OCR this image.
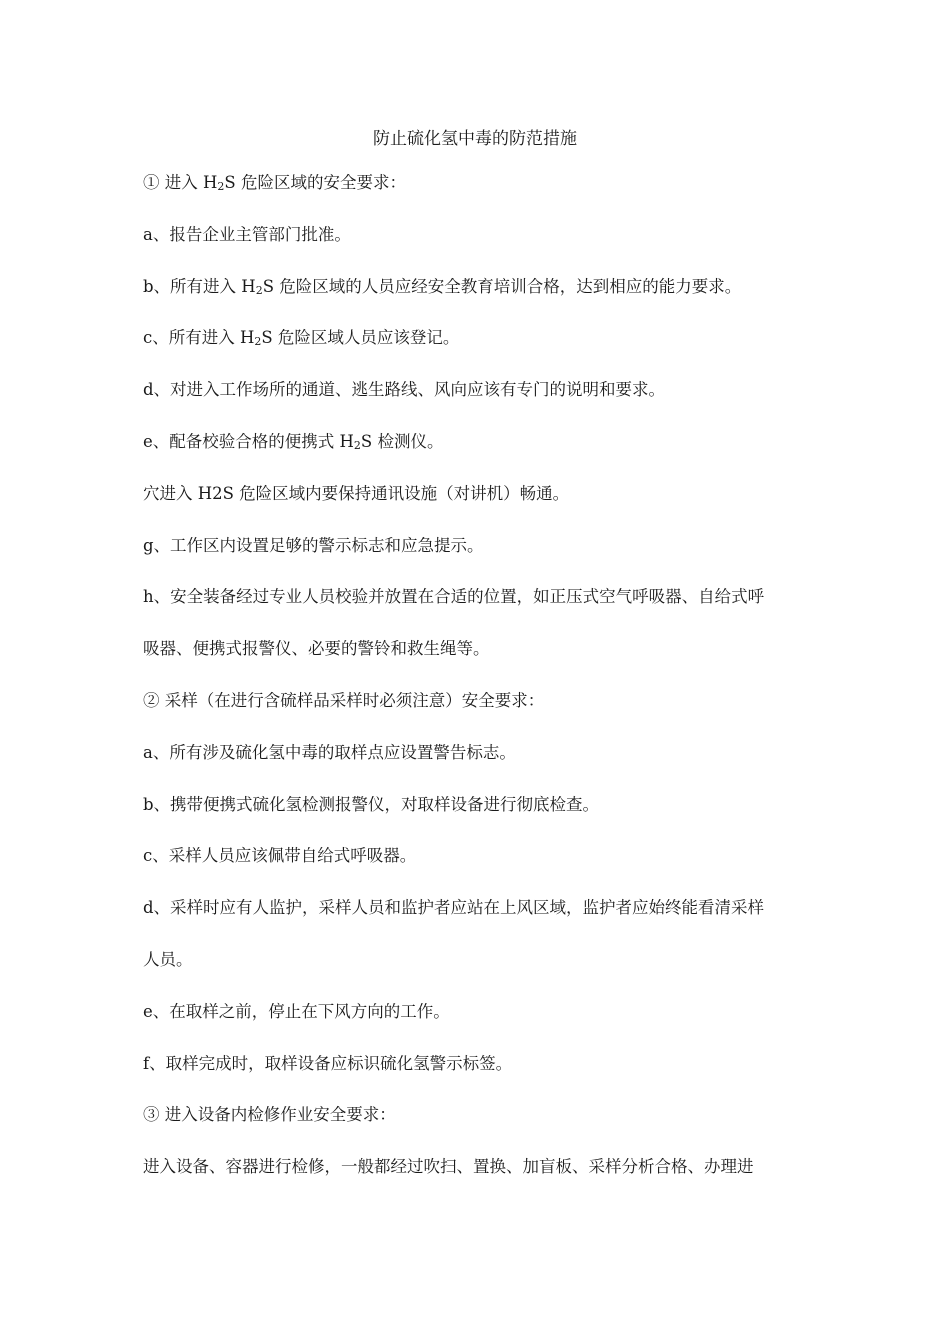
防止硫化氢中毒的防范措施
① 进入 H2S 危险区域的安全要求：
a、报告企业主管部门批准。
b、所有进入 H2S 危险区域的人员应经安全教育培训合格，达到相应的能力要求。
c、所有进入 H2S 危险区域人员应该登记。
d、对进入工作场所的通道、逃生路线、风向应该有专门的说明和要求。
e、配备校验合格的便携式 H2S 检测仪。
穴进入 H2S 危险区域内要保持通讯设施（对讲机）畅通。
g、工作区内设置足够的警示标志和应急提示。
h、安全装备经过专业人员校验并放置在合适的位置，如正压式空气呼吸器、自给式呼
吸器、便携式报警仪、必要的警铃和救生绳等。
② 采样（在进行含硫样品采样时必须注意）安全要求：
a、所有涉及硫化氢中毒的取样点应设置警告标志。
b、携带便携式硫化氢检测报警仪，对取样设备进行彻底检查。
c、采样人员应该佩带自给式呼吸器。
d、采样时应有人监护，采样人员和监护者应站在上风区域，监护者应始终能看清采样
人员。
e、在取样之前，停止在下风方向的工作。
f、取样完成时，取样设备应标识硫化氢警示标签。
③ 进入设备内检修作业安全要求：
进入设备、容器进行检修，一般都经过吹扫、置换、加盲板、采样分析合格、办理进
